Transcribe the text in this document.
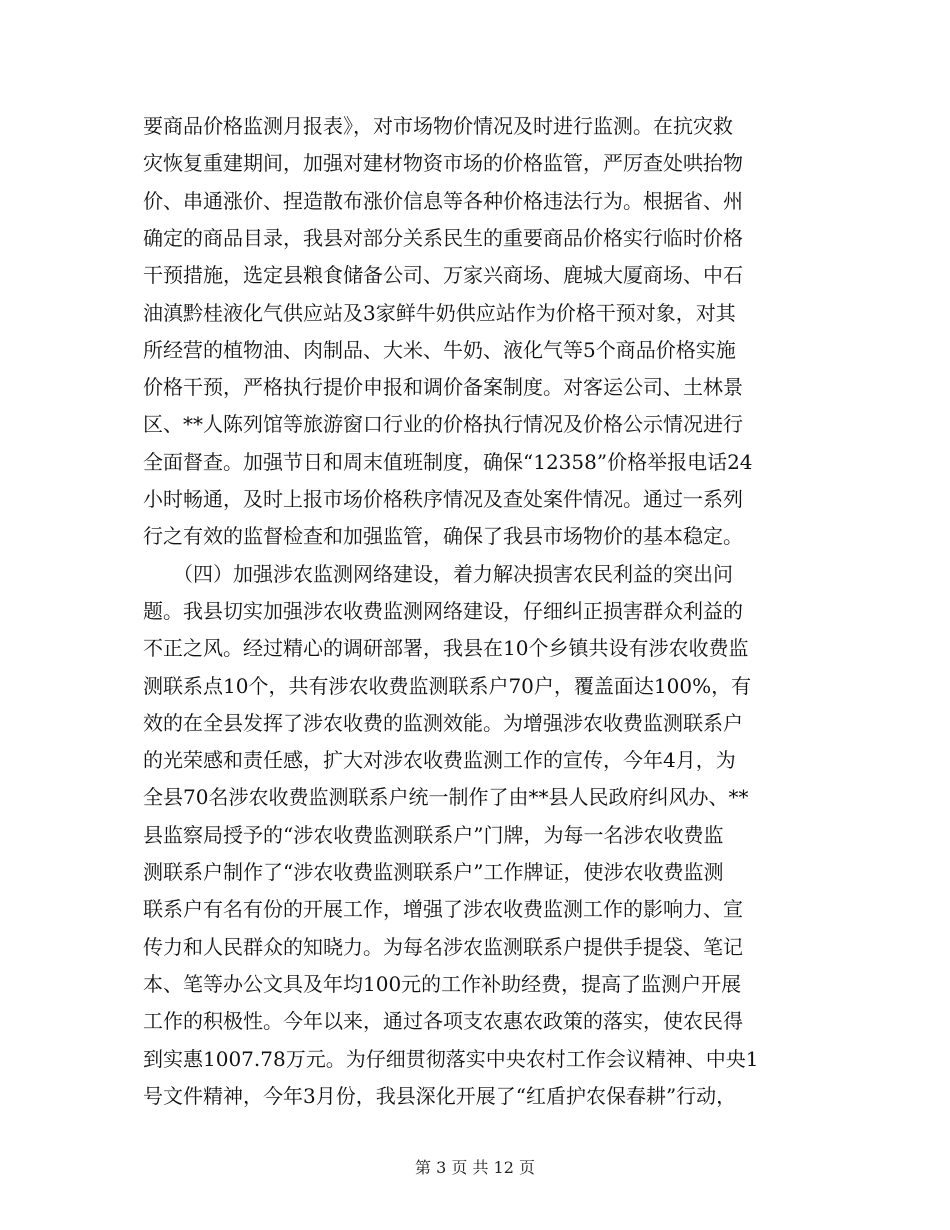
要商品价格监测月报表》，对市场物价情况及时进行监测。在抗灾救
灾恢复重建期间，加强对建材物资市场的价格监管，严厉查处哄抬物
价、串通涨价、捏造散布涨价信息等各种价格违法行为。根据省、州
确定的商品目录，我县对部分关系民生的重要商品价格实行临时价格
干预措施，选定县粮食储备公司、万家兴商场、鹿城大厦商场、中石
油滇黔桂液化气供应站及3家鲜牛奶供应站作为价格干预对象，对其
所经营的植物油、肉制品、大米、牛奶、液化气等5个商品价格实施
价格干预，严格执行提价申报和调价备案制度。对客运公司、土林景
区、**人陈列馆等旅游窗口行业的价格执行情况及价格公示情况进行
全面督查。加强节日和周末值班制度，确保“12358”价格举报电话24
小时畅通，及时上报市场价格秩序情况及查处案件情况。通过一系列
行之有效的监督检查和加强监管，确保了我县市场物价的基本稳定。
　　（四）加强涉农监测网络建设，着力解决损害农民利益的突出问
题。我县切实加强涉农收费监测网络建设，仔细纠正损害群众利益的
不正之风。经过精心的调研部署，我县在10个乡镇共设有涉农收费监
测联系点10个，共有涉农收费监测联系户70户，覆盖面达100%，有
效的在全县发挥了涉农收费的监测效能。为增强涉农收费监测联系户
的光荣感和责任感，扩大对涉农收费监测工作的宣传，今年4月，为
全县70名涉农收费监测联系户统一制作了由**县人民政府纠风办、**
县监察局授予的“涉农收费监测联系户”门牌，为每一名涉农收费监
测联系户制作了“涉农收费监测联系户”工作牌证，使涉农收费监测
联系户有名有份的开展工作，增强了涉农收费监测工作的影响力、宣
传力和人民群众的知晓力。为每名涉农监测联系户提供手提袋、笔记
本、笔等办公文具及年均100元的工作补助经费，提高了监测户开展
工作的积极性。今年以来，通过各项支农惠农政策的落实，使农民得
到实惠1007.78万元。为仔细贯彻落实中央农村工作会议精神、中央1
号文件精神，今年3月份，我县深化开展了“红盾护农保春耕”行动，
第 3 页 共 12 页
